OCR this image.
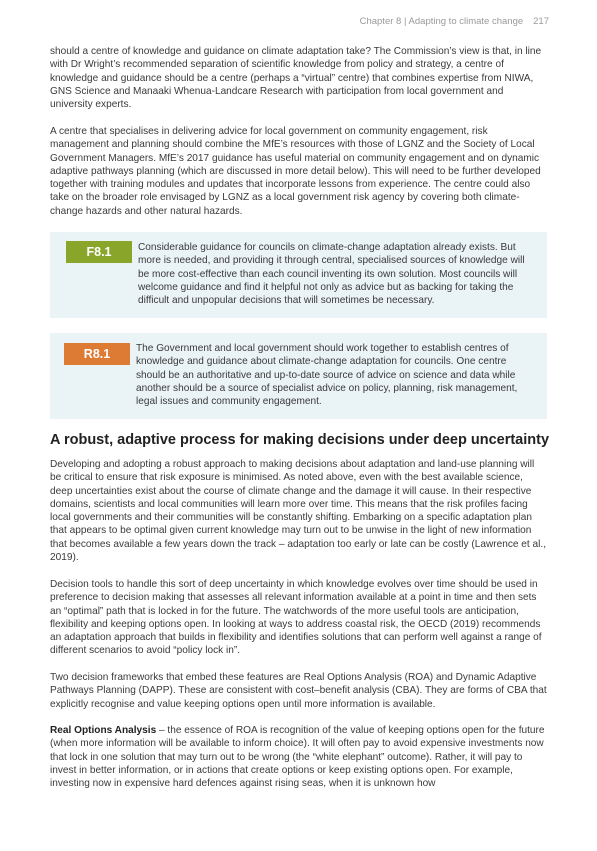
Chapter 8 | Adapting to climate change 217

should a centre of knowledge and guidance on climate adaptation take? The Commission’s view is that, in line with Dr Wright’s recommended separation of scientific knowledge from policy and strategy, a centre of knowledge and guidance should be a centre (perhaps a “virtual” centre) that combines expertise from NIWA, GNS Science and Manaaki Whenua-Landcare Research with participation from local government and university experts.

A centre that specialises in delivering advice for local government on community engagement, risk management and planning should combine the MfE’s resources with those of LGNZ and the Society of Local Government Managers. MfE’s 2017 guidance has useful material on community engagement and on dynamic adaptive pathways planning (which are discussed in more detail below). This will need to be further developed together with training modules and updates that incorporate lessons from experience. The centre could also take on the broader role envisaged by LGNZ as a local government risk agency by covering both climate-change hazards and other natural hazards.

F8.1	Considerable guidance for councils on climate-change adaptation already exists. But more is needed, and providing it through central, specialised sources of knowledge will be more cost-effective than each council inventing its own solution. Most councils will welcome guidance and find it helpful not only as advice but as backing for taking the difficult and unpopular decisions that will sometimes be necessary.
R8.1	The Government and local government should work together to establish centres of knowledge and guidance about climate-change adaptation for councils. One centre should be an authoritative and up-to-date source of advice on science and data while another should be a source of specialist advice on policy, planning, risk management, legal issues and community engagement.
A robust, adaptive process for making decisions under deep uncertainty

Developing and adopting a robust approach to making decisions about adaptation and land-use planning will be critical to ensure that risk exposure is minimised. As noted above, even with the best available science, deep uncertainties exist about the course of climate change and the damage it will cause. In their respective domains, scientists and local communities will learn more over time. This means that the risk profiles facing local governments and their communities will be constantly shifting. Embarking on a specific adaptation plan that appears to be optimal given current knowledge may turn out to be unwise in the light of new information that becomes available a few years down the track – adaptation too early or late can be costly (Lawrence et al., 2019).

Decision tools to handle this sort of deep uncertainty in which knowledge evolves over time should be used in preference to decision making that assesses all relevant information available at a point in time and then sets an “optimal” path that is locked in for the future. The watchwords of the more useful tools are anticipation, flexibility and keeping options open. In looking at ways to address coastal risk, the OECD (2019) recommends an adaptation approach that builds in flexibility and identifies solutions that can perform well against a range of different scenarios to avoid “policy lock in”.

Two decision frameworks that embed these features are Real Options Analysis (ROA) and Dynamic Adaptive Pathways Planning (DAPP). These are consistent with cost–benefit analysis (CBA). They are forms of CBA that explicitly recognise and value keeping options open until more information is available.

Real Options Analysis – the essence of ROA is recognition of the value of keeping options open for the future (when more information will be available to inform choice). It will often pay to avoid expensive investments now that lock in one solution that may turn out to be wrong (the “white elephant” outcome). Rather, it will pay to invest in better information, or in actions that create options or keep existing options open. For example, investing now in expensive hard defences against rising seas, when it is unknown how
